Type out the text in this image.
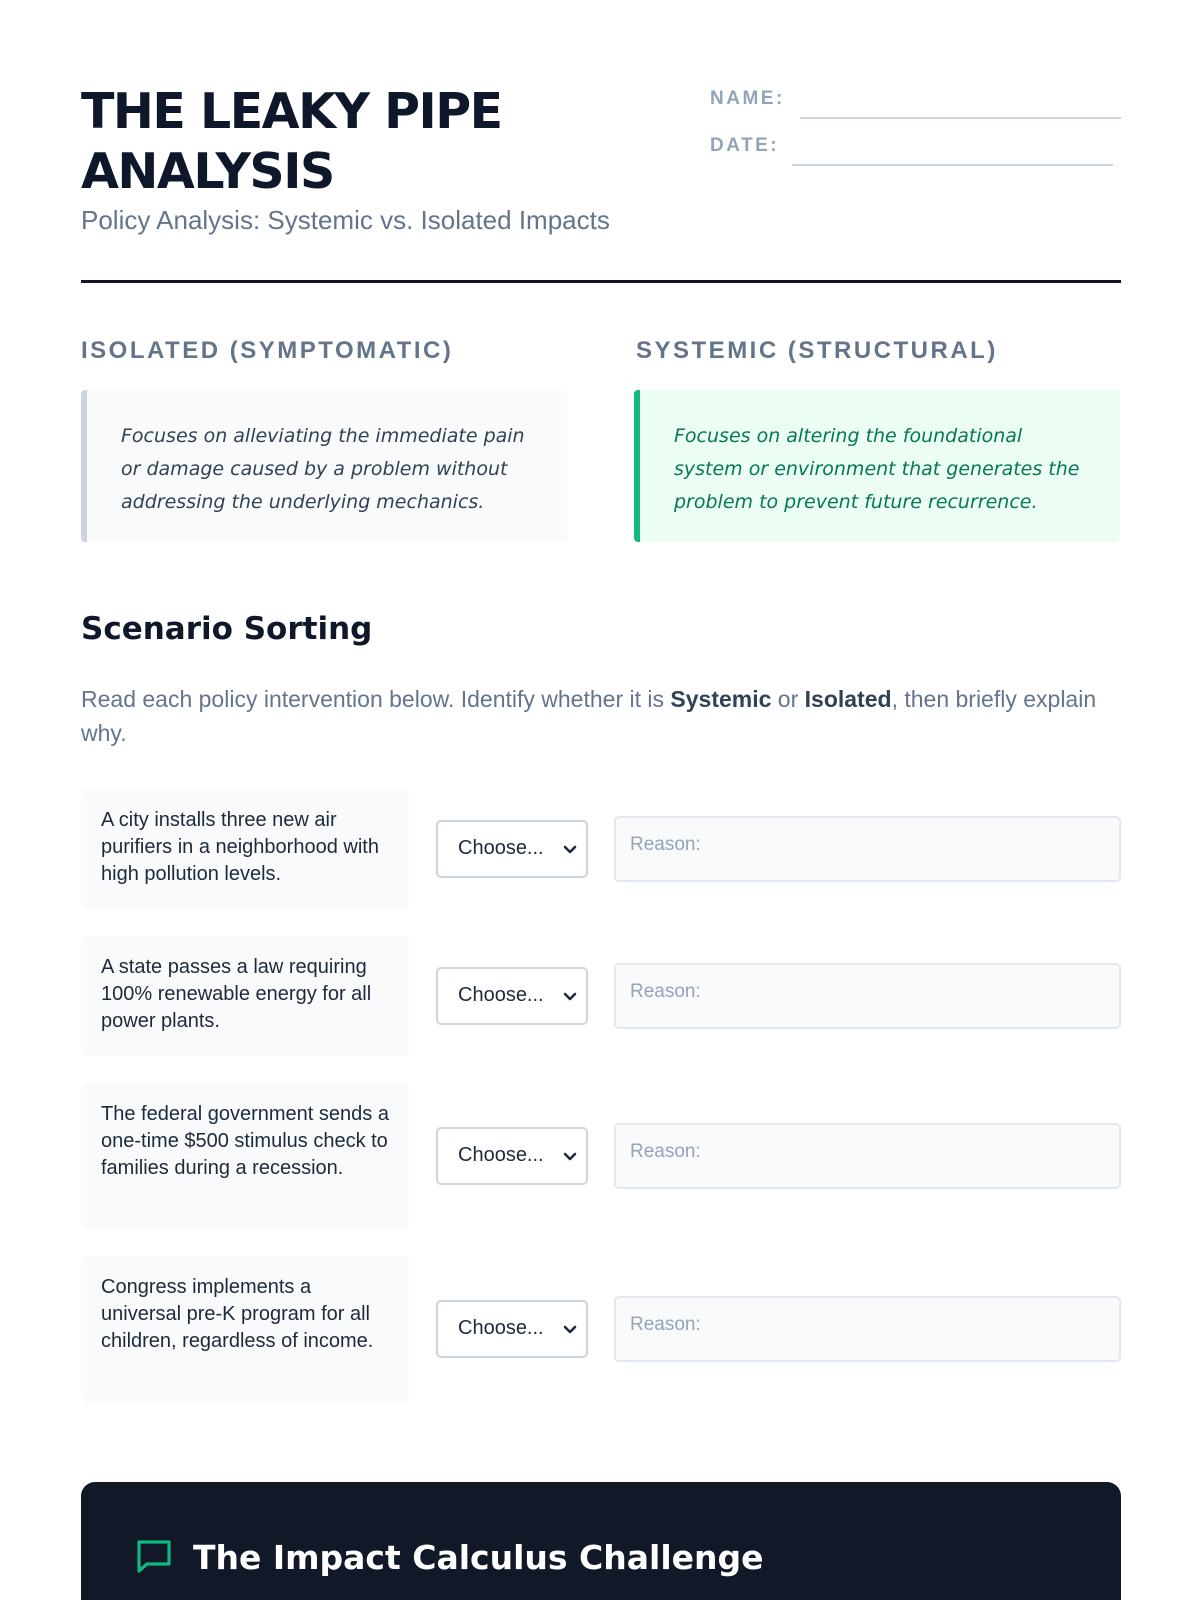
THE LEAKY PIPE ANALYSIS
Policy Analysis: Systemic vs. Isolated Impacts
NAME:
DATE:
ISOLATED (SYMPTOMATIC)	SYSTEMIC (STRUCTURAL)
Focuses on alleviating the immediate pain or damage caused by a problem without addressing the underlying mechanics.
Focuses on altering the foundational system or environment that generates the problem to prevent future recurrence.
Scenario Sorting
Read each policy intervention below. Identify whether it is Systemic or Isolated, then briefly explain why.
A city installs three new air purifiers in a neighborhood with high pollution levels.
Choose...	Reason:
A state passes a law requiring 100% renewable energy for all power plants.
Choose...	Reason:
The federal government sends a one-time $500 stimulus check to families during a recession.
Choose...	Reason:
Congress implements a universal pre-K program for all children, regardless of income.
Choose...	Reason:
The Impact Calculus Challenge
